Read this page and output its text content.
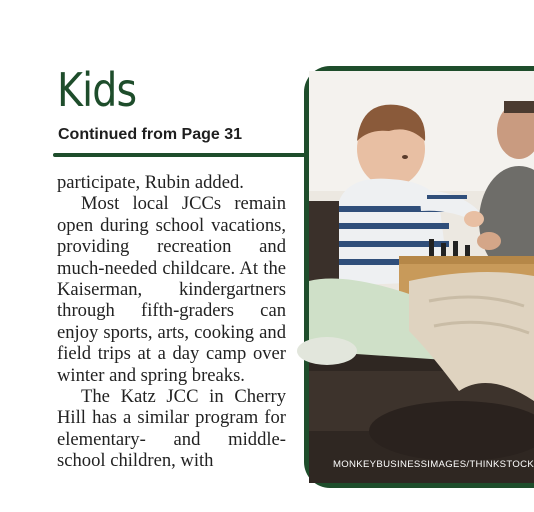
Kids
Continued from Page 31

participate, Rubin added.

Most local JCCs remain open during school vacations, providing recreation and much-needed childcare. At the Kaiserman, kindergartners through fifth-graders can enjoy sports, arts, cooking and field trips at a day camp over winter and spring breaks.

The Katz JCC in Cherry Hill has a similar program for elementary- and middle-school children, with	MONKEYBUSINESSIMAGES/THINKSTOCK
